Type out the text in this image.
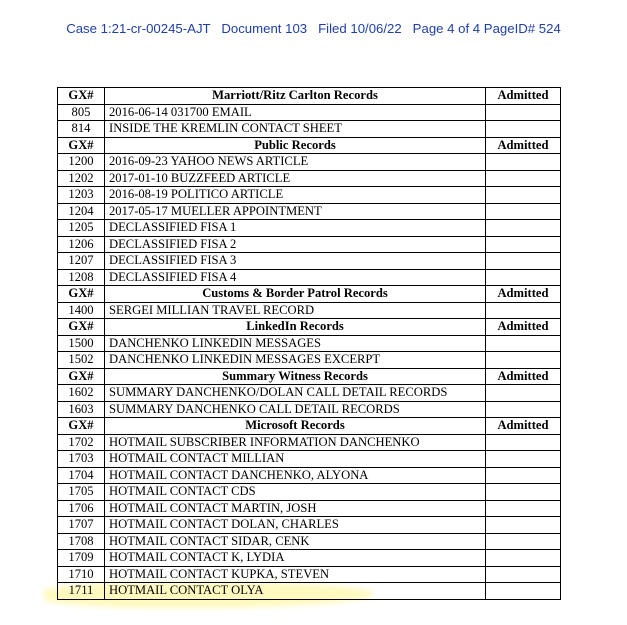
Case 1:21-cr-00245-AJT   Document 103   Filed 10/06/22   Page 4 of 4 PageID# 524
GX#	Marriott/Ritz Carlton Records	Admitted
805	2016-06-14 031700 EMAIL	
814	INSIDE THE KREMLIN CONTACT SHEET	
GX#	Public Records	Admitted
1200	2016-09-23 YAHOO NEWS ARTICLE	
1202	2017-01-10 BUZZFEED ARTICLE	
1203	2016-08-19 POLITICO ARTICLE	
1204	2017-05-17 MUELLER APPOINTMENT	
1205	DECLASSIFIED FISA 1	
1206	DECLASSIFIED FISA 2	
1207	DECLASSIFIED FISA 3	
1208	DECLASSIFIED FISA 4	
GX#	Customs & Border Patrol Records	Admitted
1400	SERGEI MILLIAN TRAVEL RECORD	
GX#	LinkedIn Records	Admitted
1500	DANCHENKO LINKEDIN MESSAGES	
1502	DANCHENKO LINKEDIN MESSAGES EXCERPT	
GX#	Summary Witness Records	Admitted
1602	SUMMARY DANCHENKO/DOLAN CALL DETAIL RECORDS	
1603	SUMMARY DANCHENKO CALL DETAIL RECORDS	
GX#	Microsoft Records	Admitted
1702	HOTMAIL SUBSCRIBER INFORMATION DANCHENKO	
1703	HOTMAIL CONTACT MILLIAN	
1704	HOTMAIL CONTACT DANCHENKO, ALYONA	
1705	HOTMAIL CONTACT CDS	
1706	HOTMAIL CONTACT MARTIN, JOSH	
1707	HOTMAIL CONTACT DOLAN, CHARLES	
1708	HOTMAIL CONTACT SIDAR, CENK	
1709	HOTMAIL CONTACT K, LYDIA	
1710	HOTMAIL CONTACT KUPKA, STEVEN	
1711	HOTMAIL CONTACT OLYA	
